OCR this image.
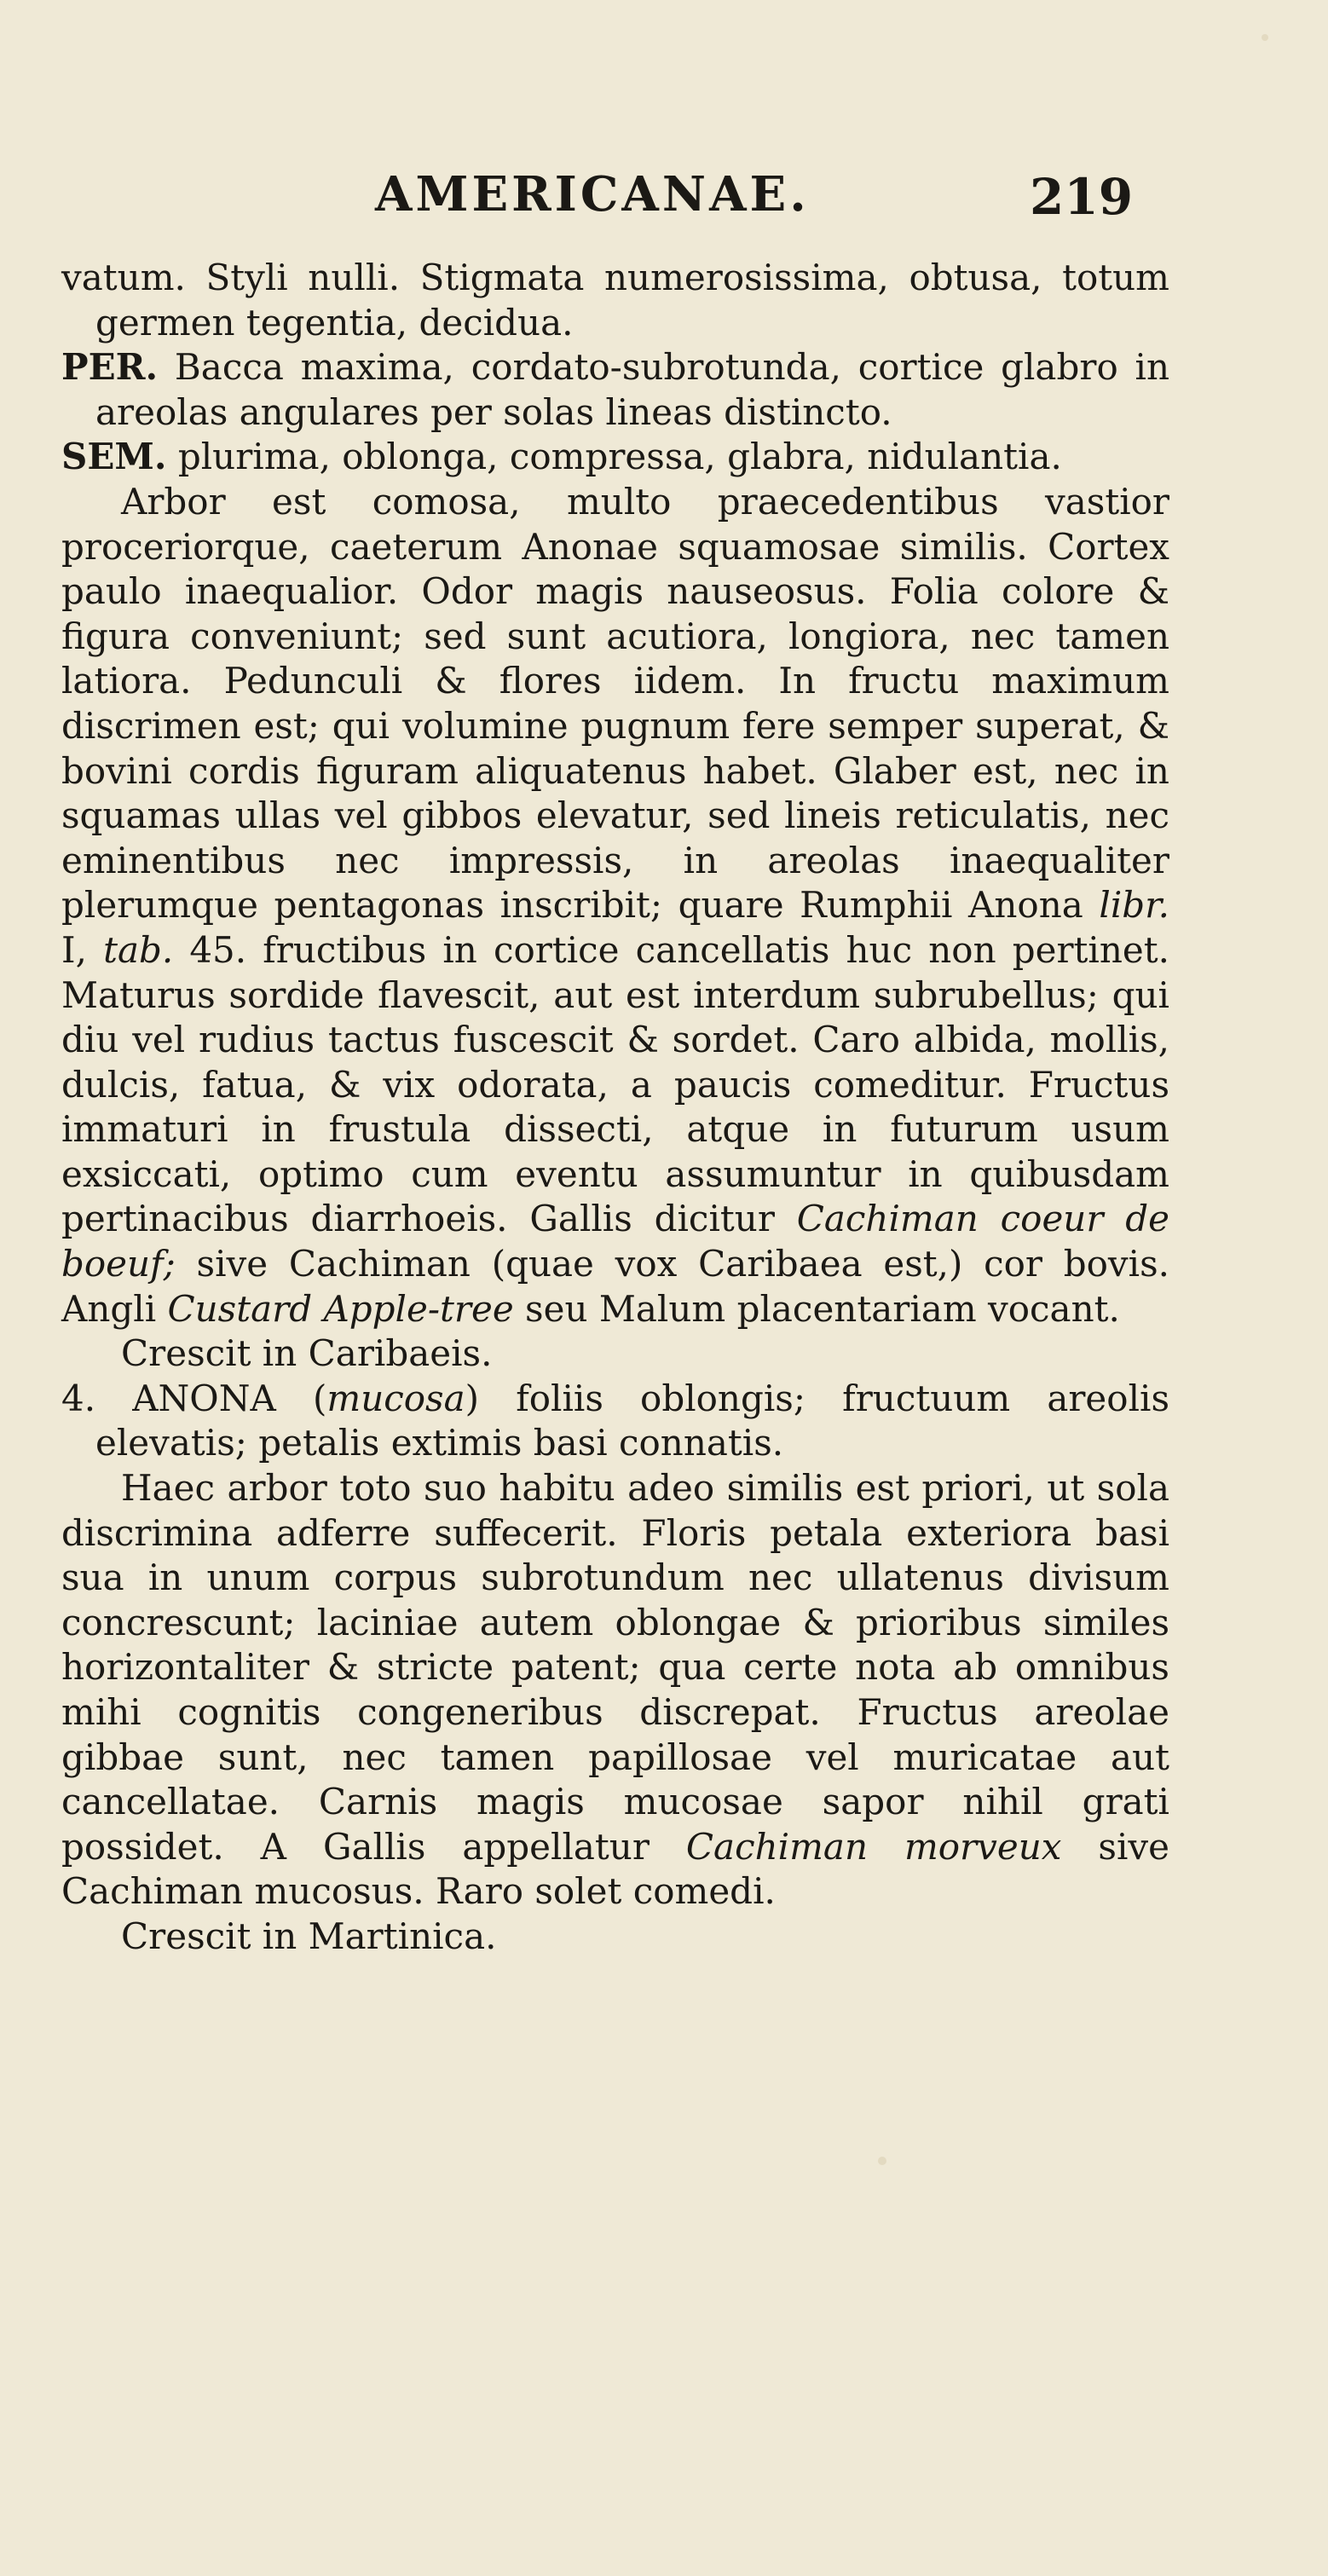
AMERICANAE.	219

vatum. Styli nulli. Stigmata numerosissima, obtusa, totum germen tegentia, decidua.

PER. Bacca maxima, cordato-subrotunda, cortice glabro in areolas angulares per solas lineas distincto.

SEM. plurima, oblonga, compressa, glabra, nidulantia.

Arbor est comosa, multo praecedentibus vastior proceriorque, caeterum Anonae squamosae similis. Cortex paulo inaequalior. Odor magis nauseosus. Folia colore & figura conveniunt; sed sunt acutiora, longiora, nec tamen latiora. Pedunculi & flores iidem. In fructu maximum discrimen est; qui volumine pugnum fere semper superat, & bovini cordis figuram aliquatenus habet. Glaber est, nec in squamas ullas vel gibbos elevatur, sed lineis reticulatis, nec eminentibus nec impressis, in areolas inaequaliter plerumque pentagonas inscribit; quare Rumphii Anona libr. I, tab. 45. fructibus in cortice cancellatis huc non pertinet. Maturus sordide flavescit, aut est interdum subrubellus; qui diu vel rudius tactus fuscescit & sordet. Caro albida, mollis, dulcis, fatua, & vix odorata, a paucis comeditur. Fructus immaturi in frustula dissecti, atque in futurum usum exsiccati, optimo cum eventu assumuntur in quibusdam pertinacibus diarrhoeis. Gallis dicitur Cachiman coeur de boeuf; sive Cachiman (quae vox Caribaea est,) cor bovis. Angli Custard Apple-tree seu Malum placentariam vocant.

Crescit in Caribaeis.

4. ANONA (mucosa) foliis oblongis; fructuum areolis elevatis; petalis extimis basi connatis.

Haec arbor toto suo habitu adeo similis est priori, ut sola discrimina adferre suffecerit. Floris petala exteriora basi sua in unum corpus subrotundum nec ullatenus divisum concrescunt; laciniae autem oblongae & prioribus similes horizontaliter & stricte patent; qua certe nota ab omnibus mihi cognitis congeneribus discrepat. Fructus areolae gibbae sunt, nec tamen papillosae vel muricatae aut cancellatae. Carnis magis mucosae sapor nihil grati possidet. A Gallis appellatur Cachiman morveux sive Cachiman mucosus. Raro solet comedi.

Crescit in Martinica.
